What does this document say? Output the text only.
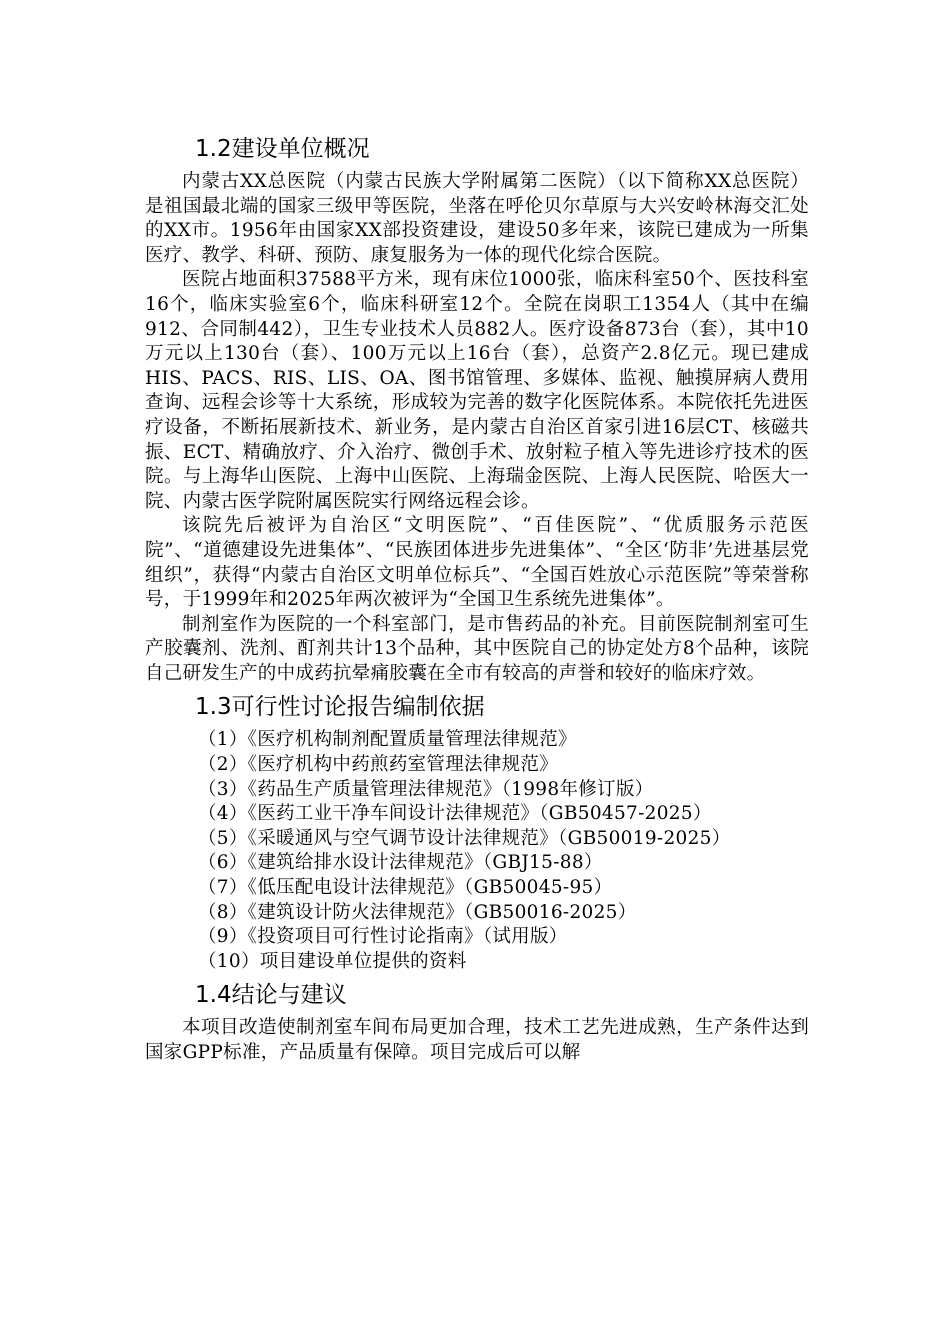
1.2建设单位概况

内蒙古XX总医院（内蒙古民族大学附属第二医院）（以下简称XX总医院）是祖国最北端的国家三级甲等医院，坐落在呼伦贝尔草原与大兴安岭林海交汇处的XX市。1956年由国家XX部投资建设，建设50多年来，该院已建成为一所集医疗、教学、科研、预防、康复服务为一体的现代化综合医院。

医院占地面积37588平方米，现有床位1000张，临床科室50个、医技科室16个，临床实验室6个，临床科研室12个。全院在岗职工1354人（其中在编912、合同制442），卫生专业技术人员882人。医疗设备873台（套），其中10万元以上130台（套）、100万元以上16台（套），总资产2.8亿元。现已建成HIS、PACS、RIS、LIS、OA、图书馆管理、多媒体、监视、触摸屏病人费用查询、远程会诊等十大系统，形成较为完善的数字化医院体系。本院依托先进医疗设备，不断拓展新技术、新业务，是内蒙古自治区首家引进16层CT、核磁共振、ECT、精确放疗、介入治疗、微创手术、放射粒子植入等先进诊疗技术的医院。与上海华山医院、上海中山医院、上海瑞金医院、上海人民医院、哈医大一院、内蒙古医学院附属医院实行网络远程会诊。

该院先后被评为自治区“文明医院”、“百佳医院”、“优质服务示范医院”、“道德建设先进集体”、“民族团体进步先进集体”、“全区‘防非’先进基层党组织”，获得“内蒙古自治区文明单位标兵”、“全国百姓放心示范医院”等荣誉称号，于1999年和2025年两次被评为“全国卫生系统先进集体”。

制剂室作为医院的一个科室部门，是市售药品的补充。目前医院制剂室可生产胶囊剂、洗剂、酊剂共计13个品种，其中医院自己的协定处方8个品种，该院自己研发生产的中成药抗晕痛胶囊在全市有较高的声誉和较好的临床疗效。

1.3可行性讨论报告编制依据
（1）《医疗机构制剂配置质量管理法律规范》
（2）《医疗机构中药煎药室管理法律规范》
（3）《药品生产质量管理法律规范》（1998年修订版）
（4）《医药工业干净车间设计法律规范》（GB50457-2025）
（5）《采暖通风与空气调节设计法律规范》（GB50019-2025）
（6）《建筑给排水设计法律规范》（GBJ15-88）
（7）《低压配电设计法律规范》（GB50045-95）
（8）《建筑设计防火法律规范》（GB50016-2025）
（9）《投资项目可行性讨论指南》（试用版）
（10）项目建设单位提供的资料
1.4结论与建议

本项目改造使制剂室车间布局更加合理，技术工艺先进成熟，生产条件达到国家GPP标准，产品质量有保障。项目完成后可以解
